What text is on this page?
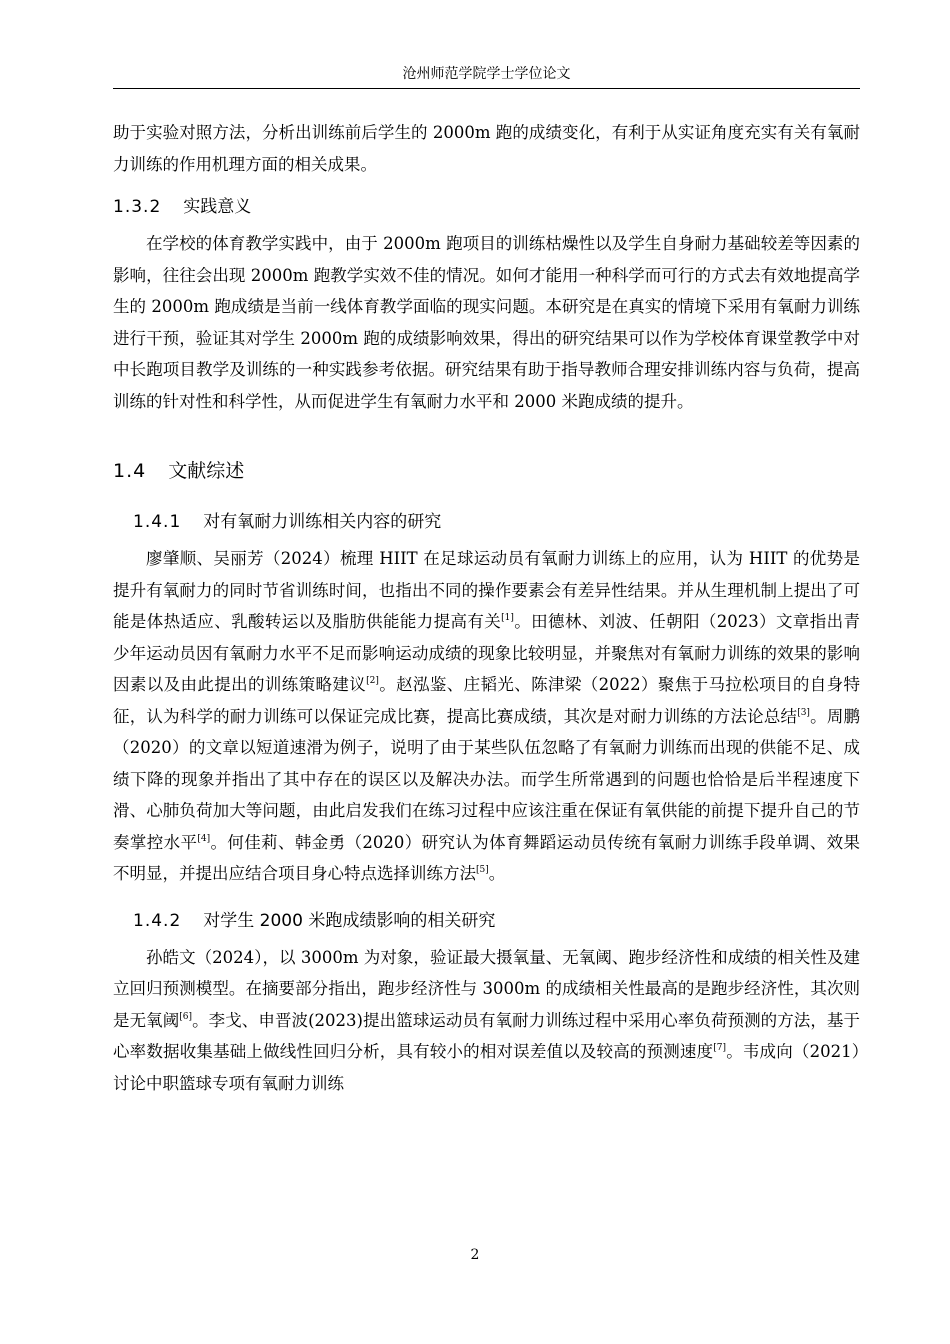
沧州师范学院学士学位论文

助于实验对照方法，分析出训练前后学生的 2000m 跑的成绩变化，有利于从实证角度充实有关有氧耐力训练的作用机理方面的相关成果。

1.3.2 实践意义

在学校的体育教学实践中，由于 2000m 跑项目的训练枯燥性以及学生自身耐力基础较差等因素的影响，往往会出现 2000m 跑教学实效不佳的情况。如何才能用一种科学而可行的方式去有效地提高学生的 2000m 跑成绩是当前一线体育教学面临的现实问题。本研究是在真实的情境下采用有氧耐力训练进行干预，验证其对学生 2000m 跑的成绩影响效果，得出的研究结果可以作为学校体育课堂教学中对中长跑项目教学及训练的一种实践参考依据。研究结果有助于指导教师合理安排训练内容与负荷，提高训练的针对性和科学性，从而促进学生有氧耐力水平和 2000 米跑成绩的提升。

1.4 文献综述
1.4.1 对有氧耐力训练相关内容的研究

廖肇顺、吴丽芳（2024）梳理 HIIT 在足球运动员有氧耐力训练上的应用，认为 HIIT 的优势是提升有氧耐力的同时节省训练时间，也指出不同的操作要素会有差异性结果。并从生理机制上提出了可能是体热适应、乳酸转运以及脂肪供能能力提高有关[1]。田德林、刘波、任朝阳（2023）文章指出青少年运动员因有氧耐力水平不足而影响运动成绩的现象比较明显，并聚焦对有氧耐力训练的效果的影响因素以及由此提出的训练策略建议[2]。赵泓鉴、庄韬光、陈津梁（2022）聚焦于马拉松项目的自身特征，认为科学的耐力训练可以保证完成比赛，提高比赛成绩，其次是对耐力训练的方法论总结[3]。周鹏（2020）的文章以短道速滑为例子，说明了由于某些队伍忽略了有氧耐力训练而出现的供能不足、成绩下降的现象并指出了其中存在的误区以及解决办法。而学生所常遇到的问题也恰恰是后半程速度下滑、心肺负荷加大等问题，由此启发我们在练习过程中应该注重在保证有氧供能的前提下提升自己的节奏掌控水平[4]。何佳莉、韩金勇（2020）研究认为体育舞蹈运动员传统有氧耐力训练手段单调、效果不明显，并提出应结合项目身心特点选择训练方法[5]。

1.4.2 对学生 2000 米跑成绩影响的相关研究

孙皓文（2024），以 3000m 为对象，验证最大摄氧量、无氧阈、跑步经济性和成绩的相关性及建立回归预测模型。在摘要部分指出，跑步经济性与 3000m 的成绩相关性最高的是跑步经济性，其次则是无氧阈[6]。李戈、申晋波(2023)提出篮球运动员有氧耐力训练过程中采用心率负荷预测的方法，基于心率数据收集基础上做线性回归分析，具有较小的相对误差值以及较高的预测速度[7]。韦成向（2021）讨论中职篮球专项有氧耐力训练

2
